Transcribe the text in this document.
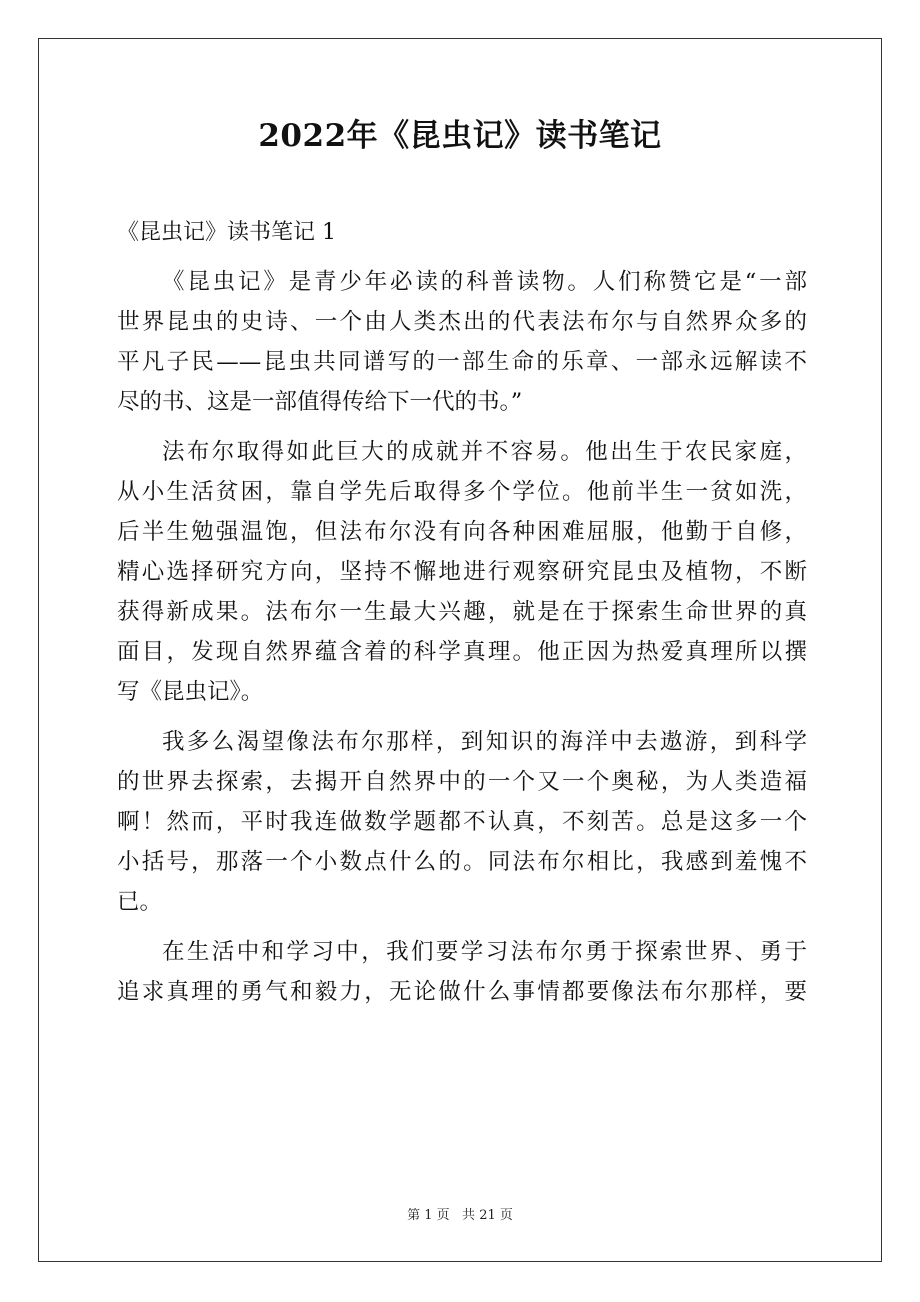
2022年《昆虫记》读书笔记
《昆虫记》读书笔记 1
《昆虫记》是青少年必读的科普读物。人们称赞它是“一部
世界昆虫的史诗、一个由人类杰出的代表法布尔与自然界众多的
平凡子民——昆虫共同谱写的一部生命的乐章、一部永远解读不
尽的书、这是一部值得传给下一代的书。”
法布尔取得如此巨大的成就并不容易。他出生于农民家庭，
从小生活贫困，靠自学先后取得多个学位。他前半生一贫如洗，
后半生勉强温饱，但法布尔没有向各种困难屈服，他勤于自修，
精心选择研究方向，坚持不懈地进行观察研究昆虫及植物，不断
获得新成果。法布尔一生最大兴趣，就是在于探索生命世界的真
面目，发现自然界蕴含着的科学真理。他正因为热爱真理所以撰
写《昆虫记》。
我多么渴望像法布尔那样，到知识的海洋中去遨游，到科学
的世界去探索，去揭开自然界中的一个又一个奥秘，为人类造福
啊！然而，平时我连做数学题都不认真，不刻苦。总是这多一个
小括号，那落一个小数点什么的。同法布尔相比，我感到羞愧不
已。
在生活中和学习中，我们要学习法布尔勇于探索世界、勇于
追求真理的勇气和毅力，无论做什么事情都要像法布尔那样，要
第 1 页   共 21 页
